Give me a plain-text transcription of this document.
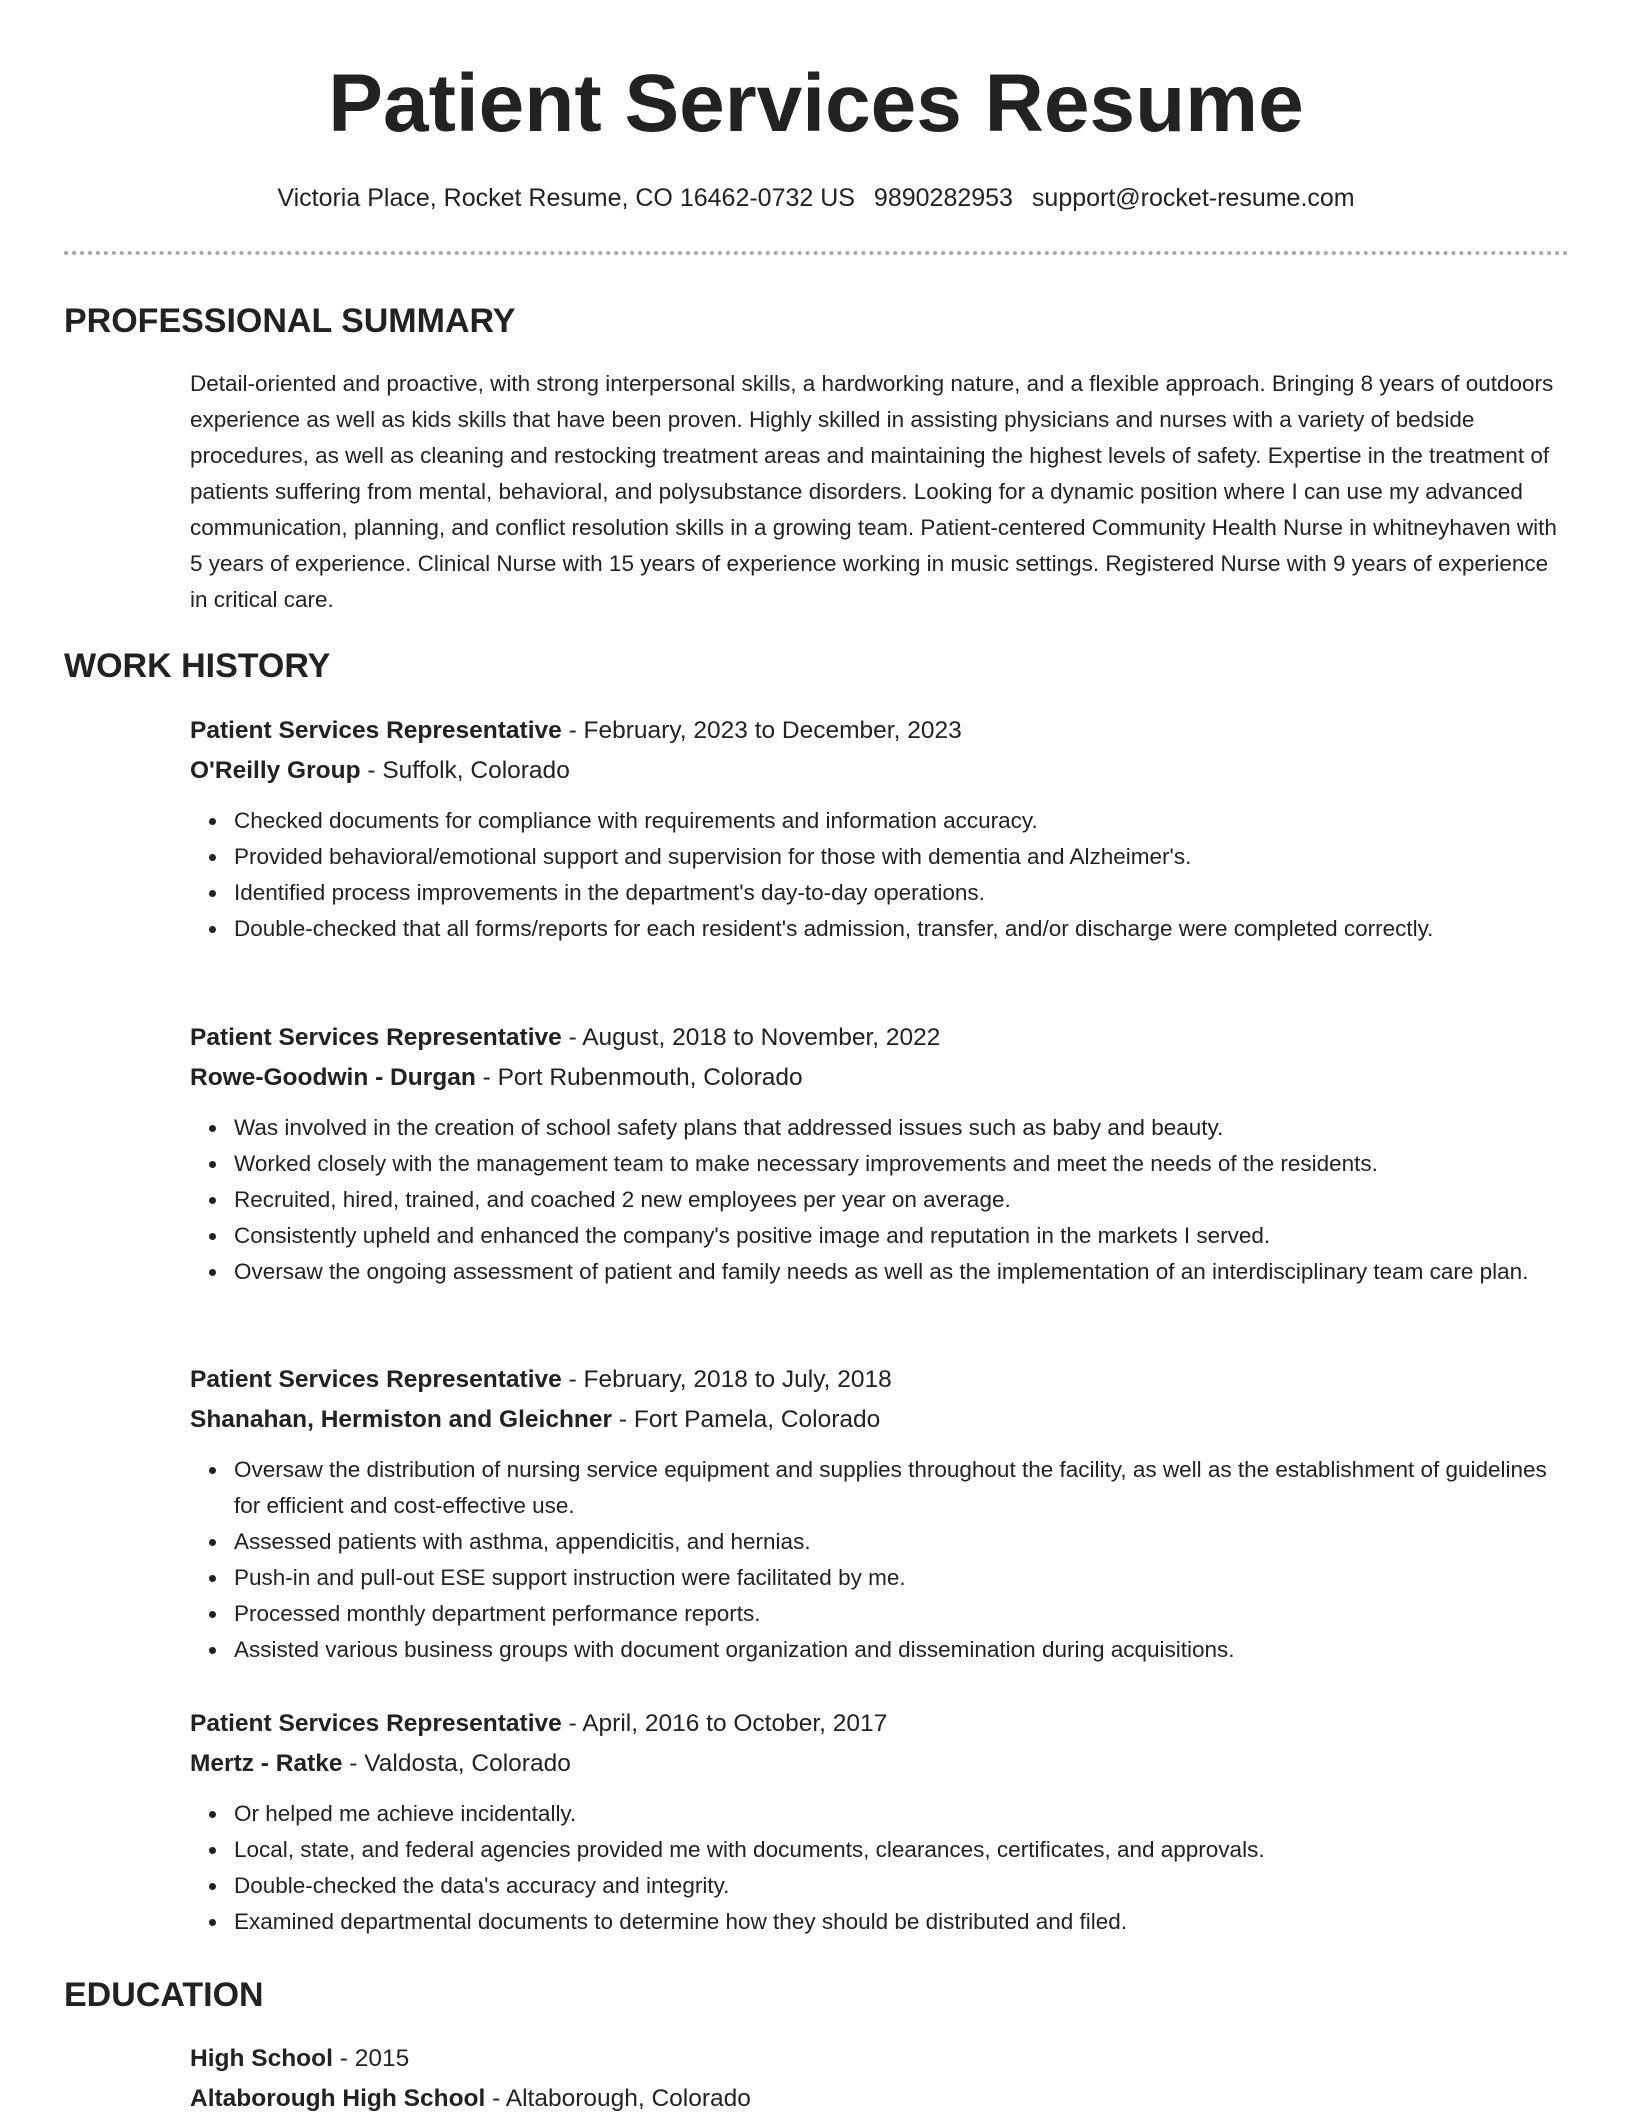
Patient Services Resume
Victoria Place, Rocket Resume, CO 16462-0732 US 9890282953 support@rocket-resume.com
PROFESSIONAL SUMMARY

Detail-oriented and proactive, with strong interpersonal skills, a hardworking nature, and a flexible approach. Bringing 8 years of outdoors experience as well as kids skills that have been proven. Highly skilled in assisting physicians and nurses with a variety of bedside procedures, as well as cleaning and restocking treatment areas and maintaining the highest levels of safety. Expertise in the treatment of patients suffering from mental, behavioral, and polysubstance disorders. Looking for a dynamic position where I can use my advanced communication, planning, and conflict resolution skills in a growing team. Patient-centered Community Health Nurse in whitneyhaven with 5 years of experience. Clinical Nurse with 15 years of experience working in music settings. Registered Nurse with 9 years of experience in critical care.

WORK HISTORY
Patient Services Representative - February, 2023 to December, 2023
O'Reilly Group - Suffolk, Colorado
Checked documents for compliance with requirements and information accuracy.
Provided behavioral/emotional support and supervision for those with dementia and Alzheimer's.
Identified process improvements in the department's day-to-day operations.
Double-checked that all forms/reports for each resident's admission, transfer, and/or discharge were completed correctly.
Patient Services Representative - August, 2018 to November, 2022
Rowe-Goodwin - Durgan - Port Rubenmouth, Colorado
Was involved in the creation of school safety plans that addressed issues such as baby and beauty.
Worked closely with the management team to make necessary improvements and meet the needs of the residents.
Recruited, hired, trained, and coached 2 new employees per year on average.
Consistently upheld and enhanced the company's positive image and reputation in the markets I served.
Oversaw the ongoing assessment of patient and family needs as well as the implementation of an interdisciplinary team care plan.
Patient Services Representative - February, 2018 to July, 2018
Shanahan, Hermiston and Gleichner - Fort Pamela, Colorado
Oversaw the distribution of nursing service equipment and supplies throughout the facility, as well as the establishment of guidelines for efficient and cost-effective use.
Assessed patients with asthma, appendicitis, and hernias.
Push-in and pull-out ESE support instruction were facilitated by me.
Processed monthly department performance reports.
Assisted various business groups with document organization and dissemination during acquisitions.
Patient Services Representative - April, 2016 to October, 2017
Mertz - Ratke - Valdosta, Colorado
Or helped me achieve incidentally.
Local, state, and federal agencies provided me with documents, clearances, certificates, and approvals.
Double-checked the data's accuracy and integrity.
Examined departmental documents to determine how they should be distributed and filed.
EDUCATION
High School - 2015
Altaborough High School - Altaborough, Colorado
